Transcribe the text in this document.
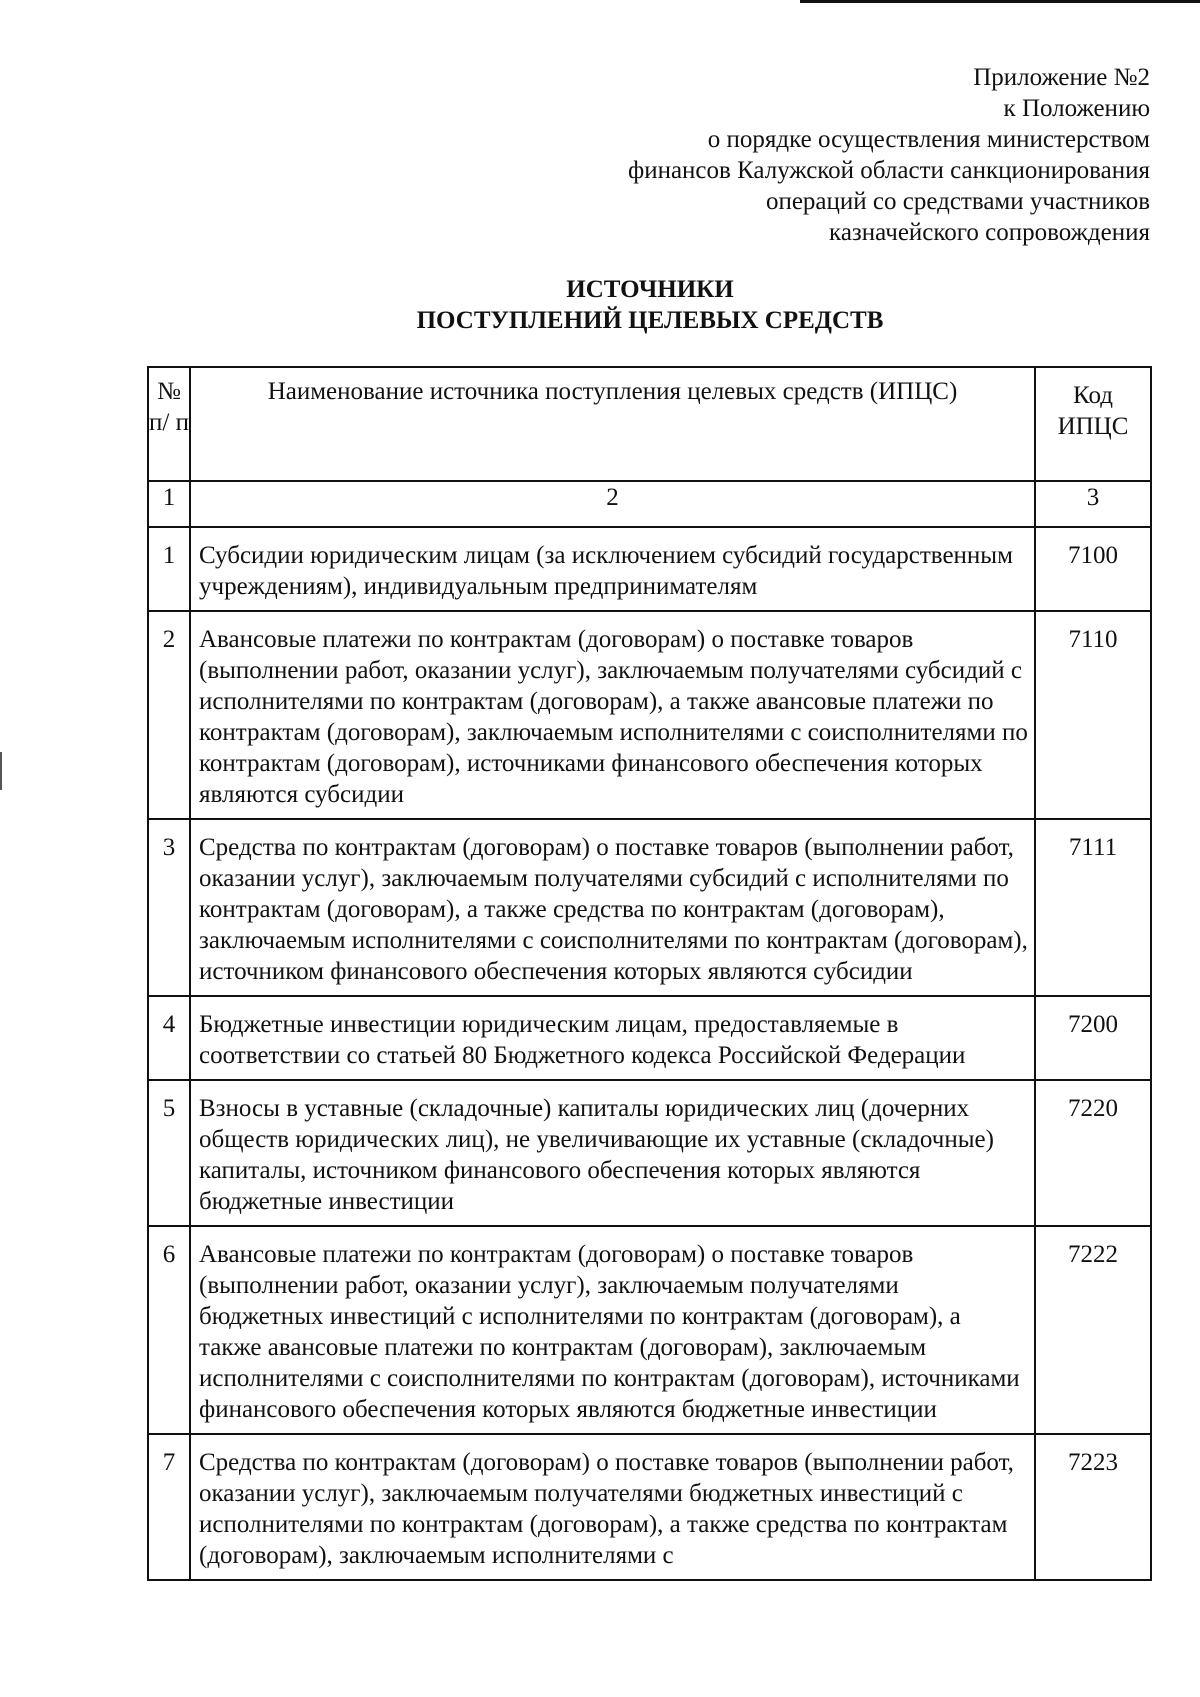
Приложение №2
к Положению
о порядке осуществления министерством
финансов Калужской области санкционирования
операций со средствами участников
казначейского сопровождения
ИСТОЧНИКИ
ПОСТУПЛЕНИЙ ЦЕЛЕВЫХ СРЕДСТВ
№ п/ п	Наименование источника поступления целевых средств (ИПЦС)	Код ИПЦС
1	2	3
1	Субсидии юридическим лицам (за исключением субсидий государственным учреждениям), индивидуальным предпринимателям	7100
2	Авансовые платежи по контрактам (договорам) о поставке товаров (выполнении работ, оказании услуг), заключаемым получателями субсидий с исполнителями по контрактам (договорам), а также авансовые платежи по контрактам (договорам), заключаемым исполнителями с соисполнителями по контрактам (договорам), источниками финансового обеспечения которых являются субсидии	7110
3	Средства по контрактам (договорам) о поставке товаров (выполнении работ, оказании услуг), заключаемым получателями субсидий с исполнителями по контрактам (договорам), а также средства по контрактам (договорам), заключаемым исполнителями с соисполнителями по контрактам (договорам), источником финансового обеспечения которых являются субсидии	7111
4	Бюджетные инвестиции юридическим лицам, предоставляемые в соответствии со статьей 80 Бюджетного кодекса Российской Федерации	7200
5	Взносы в уставные (складочные) капиталы юридических лиц (дочерних обществ юридических лиц), не увеличивающие их уставные (складочные) капиталы, источником финансового обеспечения которых являются бюджетные инвестиции	7220
6	Авансовые платежи по контрактам (договорам) о поставке товаров (выполнении работ, оказании услуг), заключаемым получателями бюджетных инвестиций с исполнителями по контрактам (договорам), а также авансовые платежи по контрактам (договорам), заключаемым исполнителями с соисполнителями по контрактам (договорам), источниками финансового обеспечения которых являются бюджетные инвестиции	7222
7	Средства по контрактам (договорам) о поставке товаров (выполнении работ, оказании услуг), заключаемым получателями бюджетных инвестиций с исполнителями по контрактам (договорам), а также средства по контрактам (договорам), заключаемым исполнителями с	7223
